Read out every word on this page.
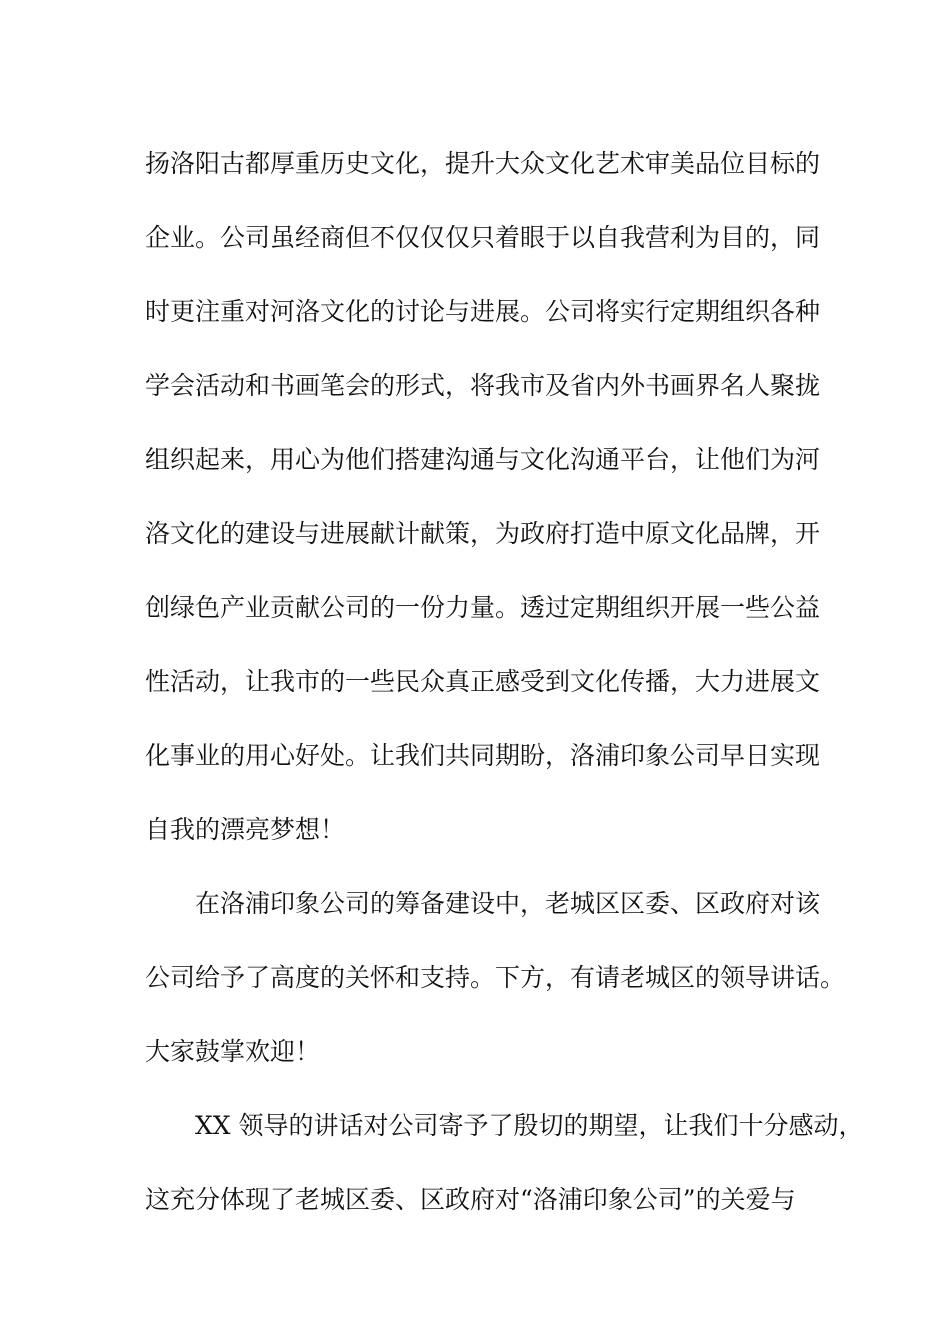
扬洛阳古都厚重历史文化，提升大众文化艺术审美品位目标的
企业。公司虽经商但不仅仅仅只着眼于以自我营利为目的，同
时更注重对河洛文化的讨论与进展。公司将实行定期组织各种
学会活动和书画笔会的形式，将我市及省内外书画界名人聚拢
组织起来，用心为他们搭建沟通与文化沟通平台，让他们为河
洛文化的建设与进展献计献策，为政府打造中原文化品牌，开
创绿色产业贡献公司的一份力量。透过定期组织开展一些公益
性活动，让我市的一些民众真正感受到文化传播，大力进展文
化事业的用心好处。让我们共同期盼，洛浦印象公司早日实现
自我的漂亮梦想！
在洛浦印象公司的筹备建设中，老城区区委、区政府对该
公司给予了高度的关怀和支持。下方，有请老城区的领导讲话。
大家鼓掌欢迎！
XX 领导的讲话对公司寄予了殷切的期望，让我们十分感动，
这充分体现了老城区委、区政府对“洛浦印象公司”的关爱与
